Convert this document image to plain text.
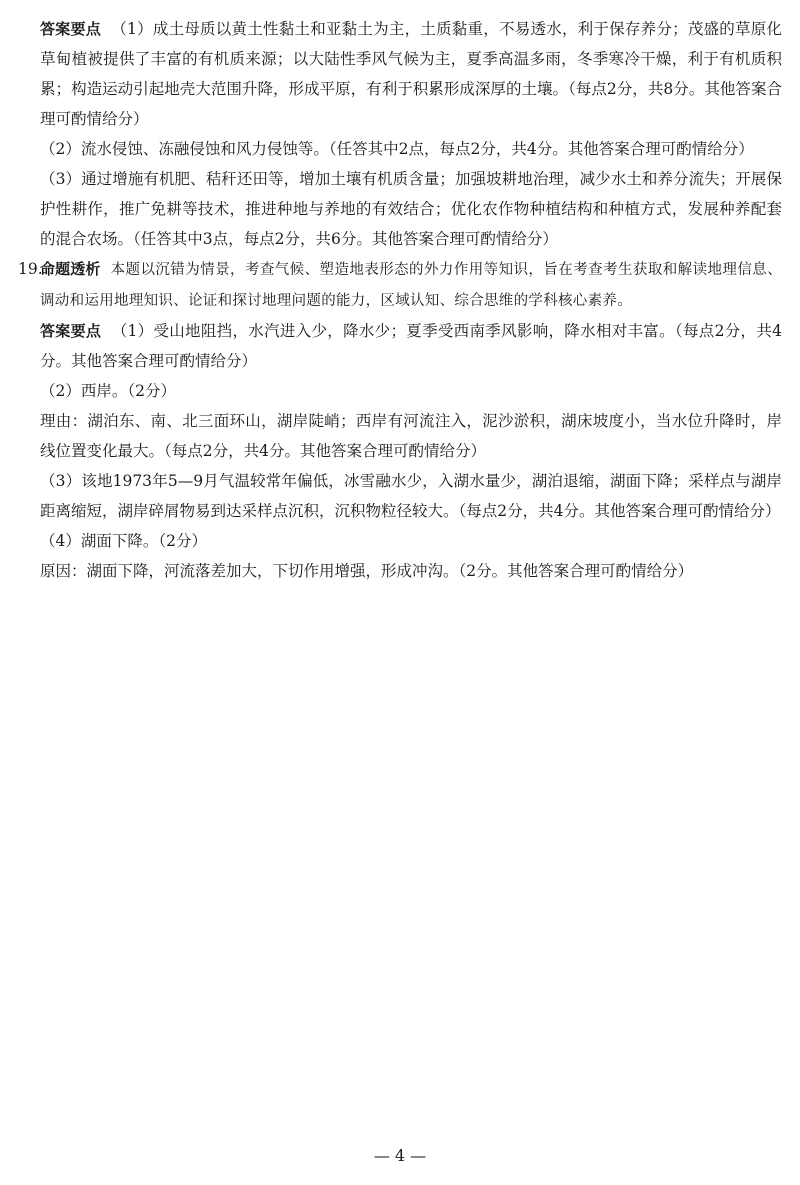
答案要点 （1）成土母质以黄土性黏土和亚黏土为主，土质黏重，不易透水，利于保存养分；茂盛的草原化草甸植被提供了丰富的有机质来源；以大陆性季风气候为主，夏季高温多雨，冬季寒冷干燥，利于有机质积累；构造运动引起地壳大范围升降，形成平原，有利于积累形成深厚的土壤。（每点2分，共8分。其他答案合理可酌情给分）

（2）流水侵蚀、冻融侵蚀和风力侵蚀等。（任答其中2点，每点2分，共4分。其他答案合理可酌情给分）

（3）通过增施有机肥、秸秆还田等，增加土壤有机质含量；加强坡耕地治理，减少水土和养分流失；开展保护性耕作，推广免耕等技术，推进种地与养地的有效结合；优化农作物种植结构和种植方式，发展种养配套的混合农场。（任答其中3点，每点2分，共6分。其他答案合理可酌情给分）

19.

命题透析 本题以沉错为情景，考查气候、塑造地表形态的外力作用等知识，旨在考查考生获取和解读地理信息、调动和运用地理知识、论证和探讨地理问题的能力，区域认知、综合思维的学科核心素养。

答案要点 （1）受山地阻挡，水汽进入少，降水少；夏季受西南季风影响，降水相对丰富。（每点2分，共4分。其他答案合理可酌情给分）

（2）西岸。（2分）

理由：湖泊东、南、北三面环山，湖岸陡峭；西岸有河流注入，泥沙淤积，湖床坡度小，当水位升降时，岸线位置变化最大。（每点2分，共4分。其他答案合理可酌情给分）

（3）该地1973年5—9月气温较常年偏低，冰雪融水少，入湖水量少，湖泊退缩，湖面下降；采样点与湖岸距离缩短，湖岸碎屑物易到达采样点沉积，沉积物粒径较大。（每点2分，共4分。其他答案合理可酌情给分）

（4）湖面下降。（2分）

原因：湖面下降，河流落差加大，下切作用增强，形成冲沟。（2分。其他答案合理可酌情给分）

— 4 —
